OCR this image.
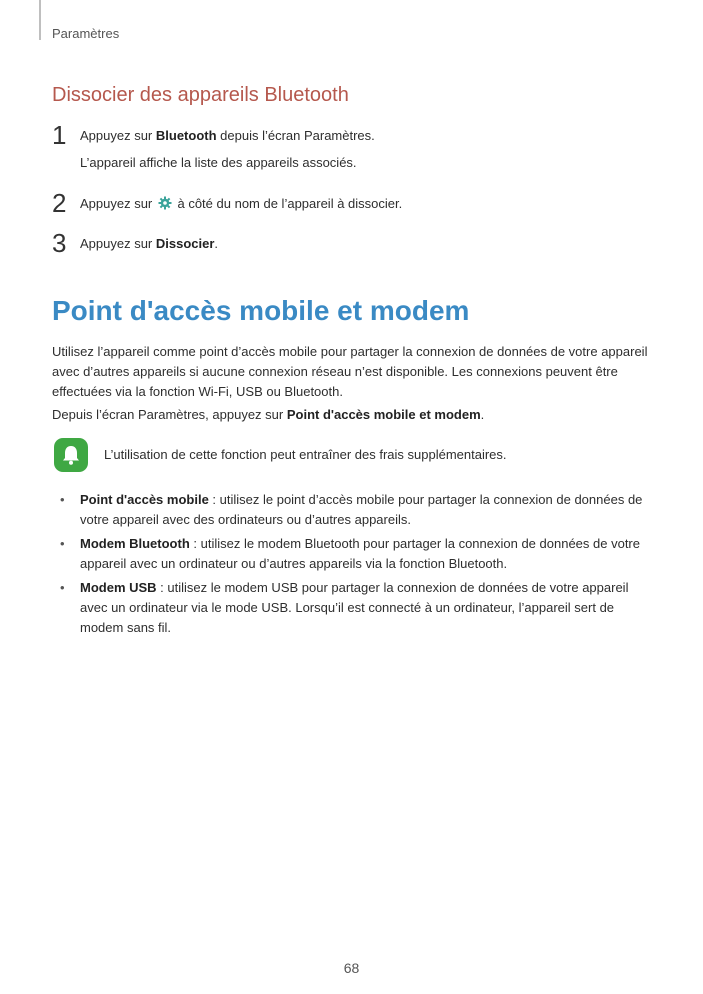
Paramètres
Dissocier des appareils Bluetooth
1 Appuyez sur Bluetooth depuis l’écran Paramètres.
L’appareil affiche la liste des appareils associés.
2 Appuyez sur  à côté du nom de l’appareil à dissocier.
3 Appuyez sur Dissocier.
Point d'accès mobile et modem
Utilisez l’appareil comme point d’accès mobile pour partager la connexion de données de votre appareil avec d’autres appareils si aucune connexion réseau n’est disponible. Les connexions peuvent être effectuées via la fonction Wi-Fi, USB ou Bluetooth.
Depuis l’écran Paramètres, appuyez sur Point d'accès mobile et modem.
L’utilisation de cette fonction peut entraîner des frais supplémentaires.
• Point d'accès mobile : utilisez le point d’accès mobile pour partager la connexion de données de votre appareil avec des ordinateurs ou d’autres appareils.
• Modem Bluetooth : utilisez le modem Bluetooth pour partager la connexion de données de votre appareil avec un ordinateur ou d’autres appareils via la fonction Bluetooth.
• Modem USB : utilisez le modem USB pour partager la connexion de données de votre appareil avec un ordinateur via le mode USB. Lorsqu’il est connecté à un ordinateur, l’appareil sert de modem sans fil.
68
